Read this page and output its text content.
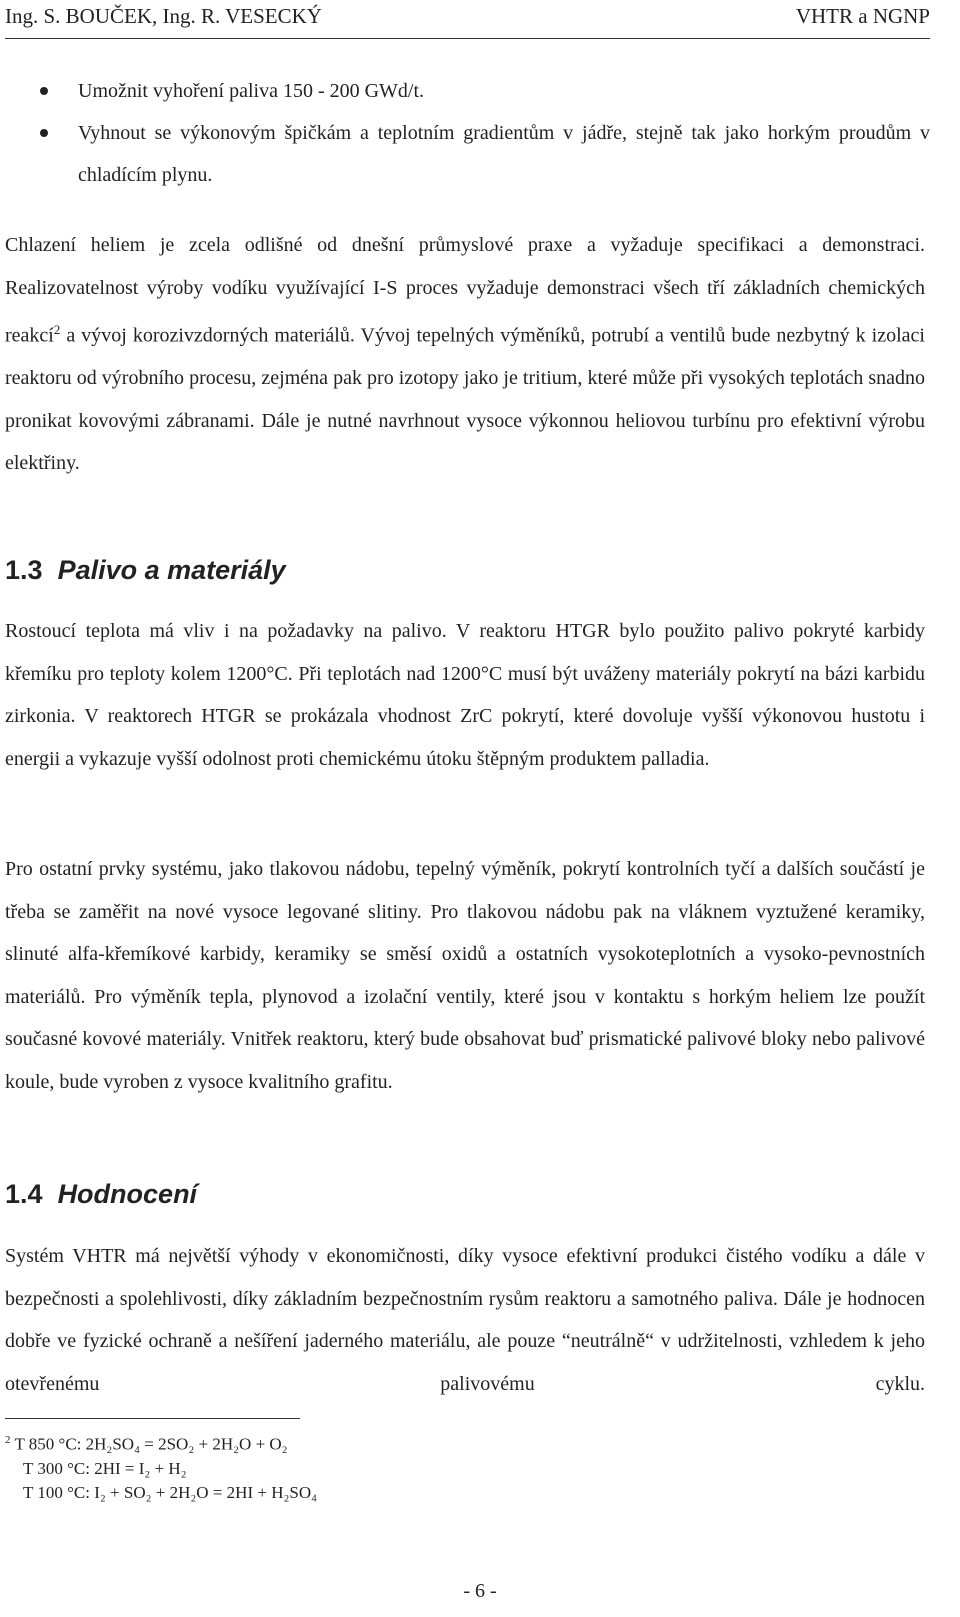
Ing. S. BOUČEK, Ing. R. VESECKÝ	VHTR a NGNP
Umožnit vyhoření paliva 150 - 200 GWd/t.
Vyhnout se výkonovým špičkám a teplotním gradientům v jádře, stejně tak jako horkým proudům v chladícím plynu.

Chlazení heliem je zcela odlišné od dnešní průmyslové praxe a vyžaduje specifikaci a demonstraci. Realizovatelnost výroby vodíku využívající I-S proces vyžaduje demonstraci všech tří základních chemických reakcí$^2$ a vývoj korozivzdorných materiálů. Vývoj tepelných výměníků, potrubí a ventilů bude nezbytný k izolaci reaktoru od výrobního procesu, zejména pak pro izotopy jako je tritium, které může při vysokých teplotách snadno pronikat kovovými zábranami. Dále je nutné navrhnout vysoce výkonnou heliovou turbínu pro efektivní výrobu elektřiny.

1.3 Palivo a materiály

Rostoucí teplota má vliv i na požadavky na palivo. V reaktoru HTGR bylo použito palivo pokryté karbidy křemíku pro teploty kolem 1200°C. Při teplotách nad 1200°C musí být uváženy materiály pokrytí na bázi karbidu zirkonia. V reaktorech HTGR se prokázala vhodnost ZrC pokrytí, které dovoluje vyšší výkonovou hustotu i energii a vykazuje vyšší odolnost proti chemickému útoku štěpným produktem palladia.

Pro ostatní prvky systému, jako tlakovou nádobu, tepelný výměník, pokrytí kontrolních tyčí a dalších součástí je třeba se zaměřit na nové vysoce legované slitiny. Pro tlakovou nádobu pak na vláknem vyztužené keramiky, slinuté alfa-křemíkové karbidy, keramiky se směsí oxidů a ostatních vysokoteplotních a vysoko-pevnostních materiálů. Pro výměník tepla, plynovod a izolační ventily, které jsou v kontaktu s horkým heliem lze použít současné kovové materiály. Vnitřek reaktoru, který bude obsahovat buď prismatické palivové bloky nebo palivové koule, bude vyroben z vysoce kvalitního grafitu.

1.4 Hodnocení

Systém VHTR má největší výhody v ekonomičnosti, díky vysoce efektivní produkci čistého vodíku a dále v bezpečnosti a spolehlivosti, díky základním bezpečnostním rysům reaktoru a samotného paliva. Dále je hodnocen dobře ve fyzické ochraně a nešíření jaderného materiálu, ale pouze “neutrálně“ v udržitelnosti, vzhledem k jeho otevřenému palivovému cyklu.

$^2$ T 850 °C: 2H₂SO₄ = 2SO₂ + 2H₂O + O₂
T 300 °C: 2HI = I₂ + H₂
T 100 °C: I₂ + SO₂ + 2H₂O = 2HI + H₂SO₄
- 6 -
